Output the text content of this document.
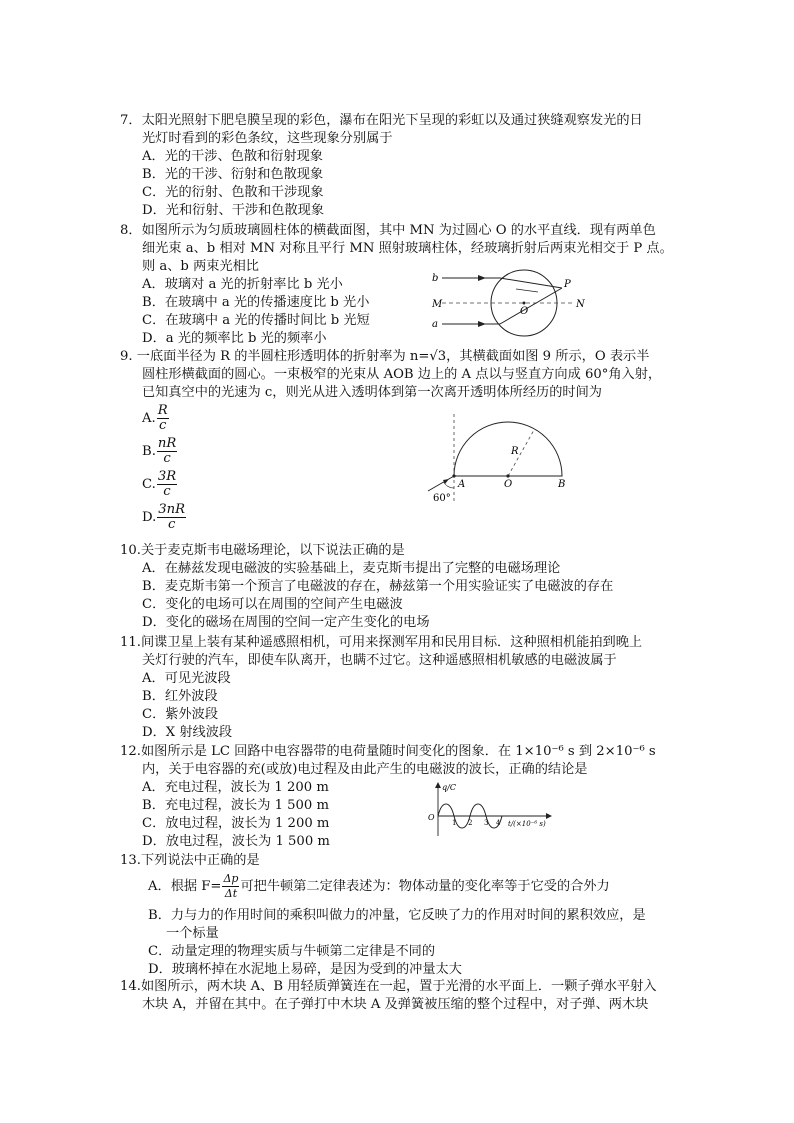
7．太阳光照射下肥皂膜呈现的彩色，瀑布在阳光下呈现的彩虹以及通过狭缝观察发光的日

光灯时看到的彩色条纹，这些现象分别属于

A．光的干涉、色散和衍射现象

B．光的干涉、衍射和色散现象

C．光的衍射、色散和干涉现象

D．光和衍射、干涉和色散现象

8．如图所示为匀质玻璃圆柱体的横截面图，其中 MN 为过圆心 O 的水平直线．现有两单色

细光束 a、b 相对 MN 对称且平行 MN 照射玻璃柱体，经玻璃折射后两束光相交于 P 点。

则 a、b 两束光相比

A．玻璃对 a 光的折射率比 b 光小

B．在玻璃中 a 光的传播速度比 b 光小

C．在玻璃中 a 光的传播时间比 b 光短

D．a 光的频率比 b 光的频率小

b
a
M	N
O
P

9. 一底面半径为 R 的半圆柱形透明体的折射率为 n=√3，其横截面如图 9 所示，O 表示半

圆柱形横截面的圆心。一束极窄的光束从 AOB 边上的 A 点以与竖直方向成 60°角入射，

已知真空中的光速为 c，则光从进入透明体到第一次离开透明体所经历的时间为

A. $\frac{R}{c}$
B. $\frac{nR}{c}$
C. $\frac{3R}{c}$
D. $\frac{3nR}{c}$
A	O	B
R
60°

10.关于麦克斯韦电磁场理论，以下说法正确的是

A．在赫兹发现电磁波的实验基础上，麦克斯韦提出了完整的电磁场理论

B．麦克斯韦第一个预言了电磁波的存在，赫兹第一个用实验证实了电磁波的存在

C．变化的电场可以在周围的空间产生电磁波

D．变化的磁场在周围的空间一定产生变化的电场

11.间谍卫星上装有某种遥感照相机，可用来探测军用和民用目标．这种照相机能拍到晚上

关灯行驶的汽车，即使车队离开，也瞒不过它。这种遥感照相机敏感的电磁波属于

A．可见光波段

B．红外波段

C．紫外波段

D．X 射线波段

12.如图所示是 LC 回路中电容器带的电荷量随时间变化的图象．在 1×10⁻⁶ s 到 2×10⁻⁶ s

内，关于电容器的充(或放)电过程及由此产生的电磁波的波长，正确的结论是

A．充电过程，波长为 1 200 m

B．充电过程，波长为 1 500 m

C．放电过程，波长为 1 200 m

D．放电过程，波长为 1 500 m

q/C
O
1 2 3 4 t/(×10⁻⁶ s)

13.下列说法中正确的是

A．根据 $F= \frac{\Delta p}{\Delta t}$ 可把牛顿第二定律表述为：物体动量的变化率等于它受的合外力

B．力与力的作用时间的乘积叫做力的冲量，它反映了力的作用对时间的累积效应，是

一个标量

C．动量定理的物理实质与牛顿第二定律是不同的

D．玻璃杯掉在水泥地上易碎，是因为受到的冲量太大

14.如图所示，两木块 A、B 用轻质弹簧连在一起，置于光滑的水平面上．一颗子弹水平射入

木块 A，并留在其中。在子弹打中木块 A 及弹簧被压缩的整个过程中，对子弹、两木块
